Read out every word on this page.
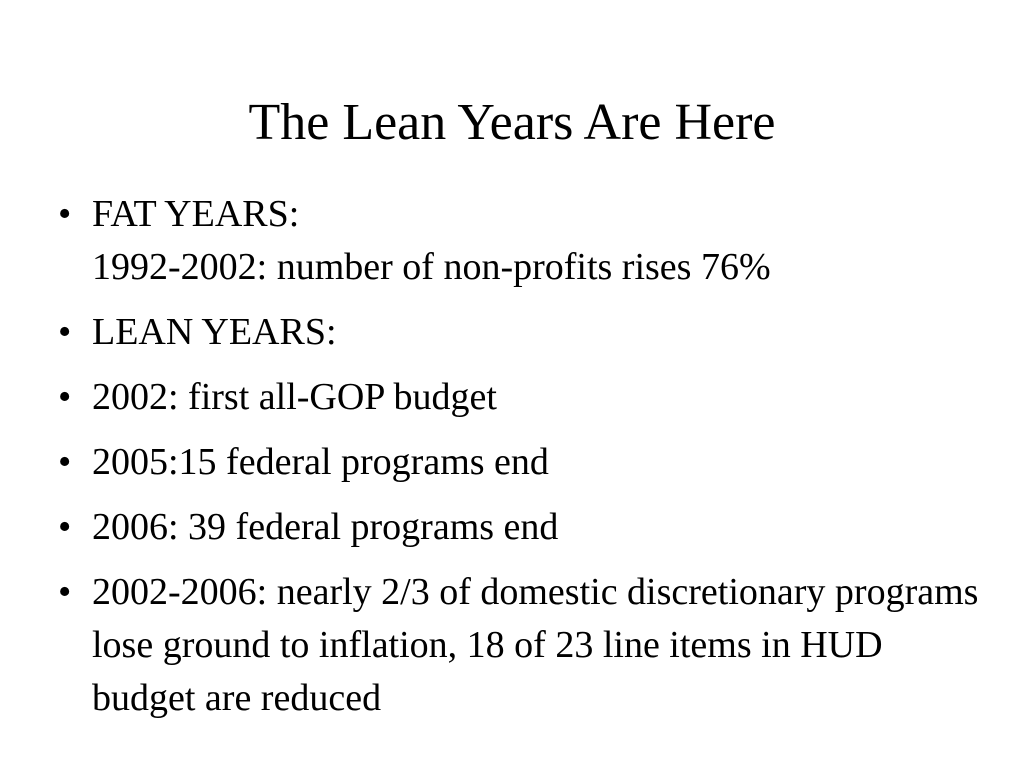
The Lean Years Are Here
• FAT YEARS:
1992-2002: number of non-profits rises 76%
• LEAN YEARS:
• 2002: first all-GOP budget
• 2005:15 federal programs end
• 2006: 39 federal programs end
• 2002-2006: nearly 2/3 of domestic discretionary programs lose ground to inflation, 18 of 23 line items in HUD budget are reduced
